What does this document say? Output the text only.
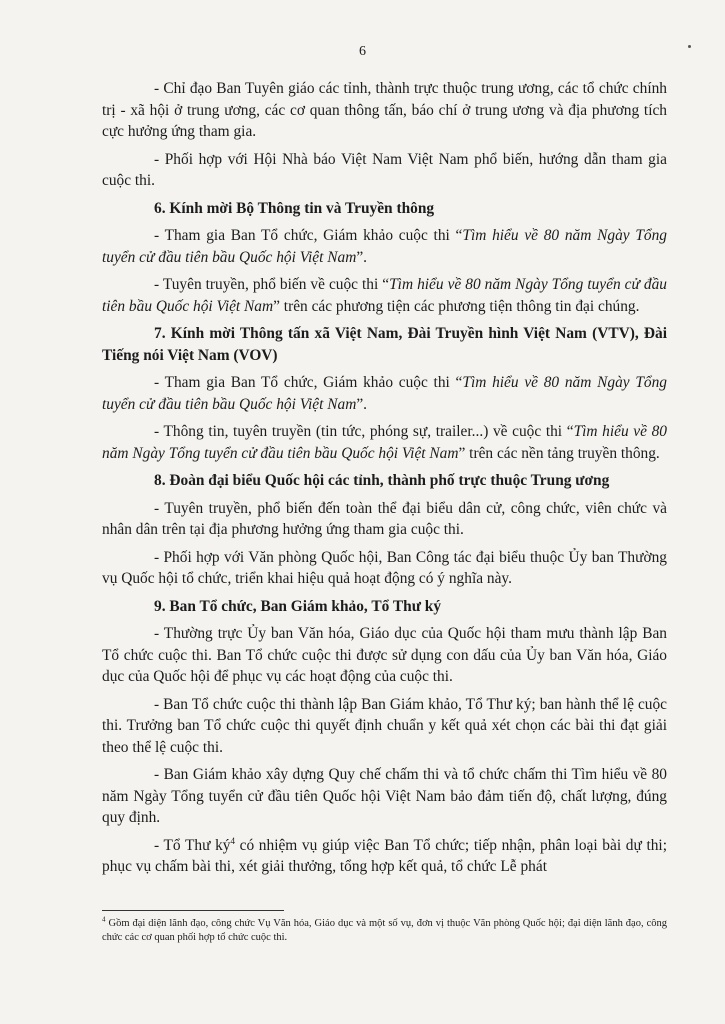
6

- Chỉ đạo Ban Tuyên giáo các tỉnh, thành trực thuộc trung ương, các tổ chức chính trị - xã hội ở trung ương, các cơ quan thông tấn, báo chí ở trung ương và địa phương tích cực hưởng ứng tham gia.

- Phối hợp với Hội Nhà báo Việt Nam Việt Nam phổ biến, hướng dẫn tham gia cuộc thi.

6. Kính mời Bộ Thông tin và Truyền thông

- Tham gia Ban Tổ chức, Giám khảo cuộc thi “Tìm hiểu về 80 năm Ngày Tổng tuyển cử đầu tiên bầu Quốc hội Việt Nam”.

- Tuyên truyền, phổ biến về cuộc thi “Tìm hiểu về 80 năm Ngày Tổng tuyển cử đầu tiên bầu Quốc hội Việt Nam” trên các phương tiện các phương tiện thông tin đại chúng.

7. Kính mời Thông tấn xã Việt Nam, Đài Truyền hình Việt Nam (VTV), Đài Tiếng nói Việt Nam (VOV)

- Tham gia Ban Tổ chức, Giám khảo cuộc thi “Tìm hiểu về 80 năm Ngày Tổng tuyển cử đầu tiên bầu Quốc hội Việt Nam”.

- Thông tin, tuyên truyền (tin tức, phóng sự, trailer...) về cuộc thi “Tìm hiểu về 80 năm Ngày Tổng tuyển cử đầu tiên bầu Quốc hội Việt Nam” trên các nền tảng truyền thông.

8. Đoàn đại biểu Quốc hội các tỉnh, thành phố trực thuộc Trung ương

- Tuyên truyền, phổ biến đến toàn thể đại biểu dân cử, công chức, viên chức và nhân dân trên tại địa phương hưởng ứng tham gia cuộc thi.

- Phối hợp với Văn phòng Quốc hội, Ban Công tác đại biểu thuộc Ủy ban Thường vụ Quốc hội tổ chức, triển khai hiệu quả hoạt động có ý nghĩa này.

9. Ban Tổ chức, Ban Giám khảo, Tổ Thư ký

- Thường trực Ủy ban Văn hóa, Giáo dục của Quốc hội tham mưu thành lập Ban Tổ chức cuộc thi. Ban Tổ chức cuộc thi được sử dụng con dấu của Ủy ban Văn hóa, Giáo dục của Quốc hội để phục vụ các hoạt động của cuộc thi.

- Ban Tổ chức cuộc thi thành lập Ban Giám khảo, Tổ Thư ký; ban hành thể lệ cuộc thi. Trưởng ban Tổ chức cuộc thi quyết định chuẩn y kết quả xét chọn các bài thi đạt giải theo thể lệ cuộc thi.

- Ban Giám khảo xây dựng Quy chế chấm thi và tổ chức chấm thi Tìm hiểu về 80 năm Ngày Tổng tuyển cử đầu tiên Quốc hội Việt Nam bảo đảm tiến độ, chất lượng, đúng quy định.

- Tổ Thư $ký^4$ có nhiệm vụ giúp việc Ban Tổ chức; tiếp nhận, phân loại bài dự thi; phục vụ chấm bài thi, xét giải thưởng, tổng hợp kết quả, tổ chức Lễ phát

$^4$ Gồm đại diện lãnh đạo, công chức Vụ Văn hóa, Giáo dục và một số vụ, đơn vị thuộc Văn phòng Quốc hội; đại diện lãnh đạo, công chức các cơ quan phối hợp tổ chức cuộc thi.
